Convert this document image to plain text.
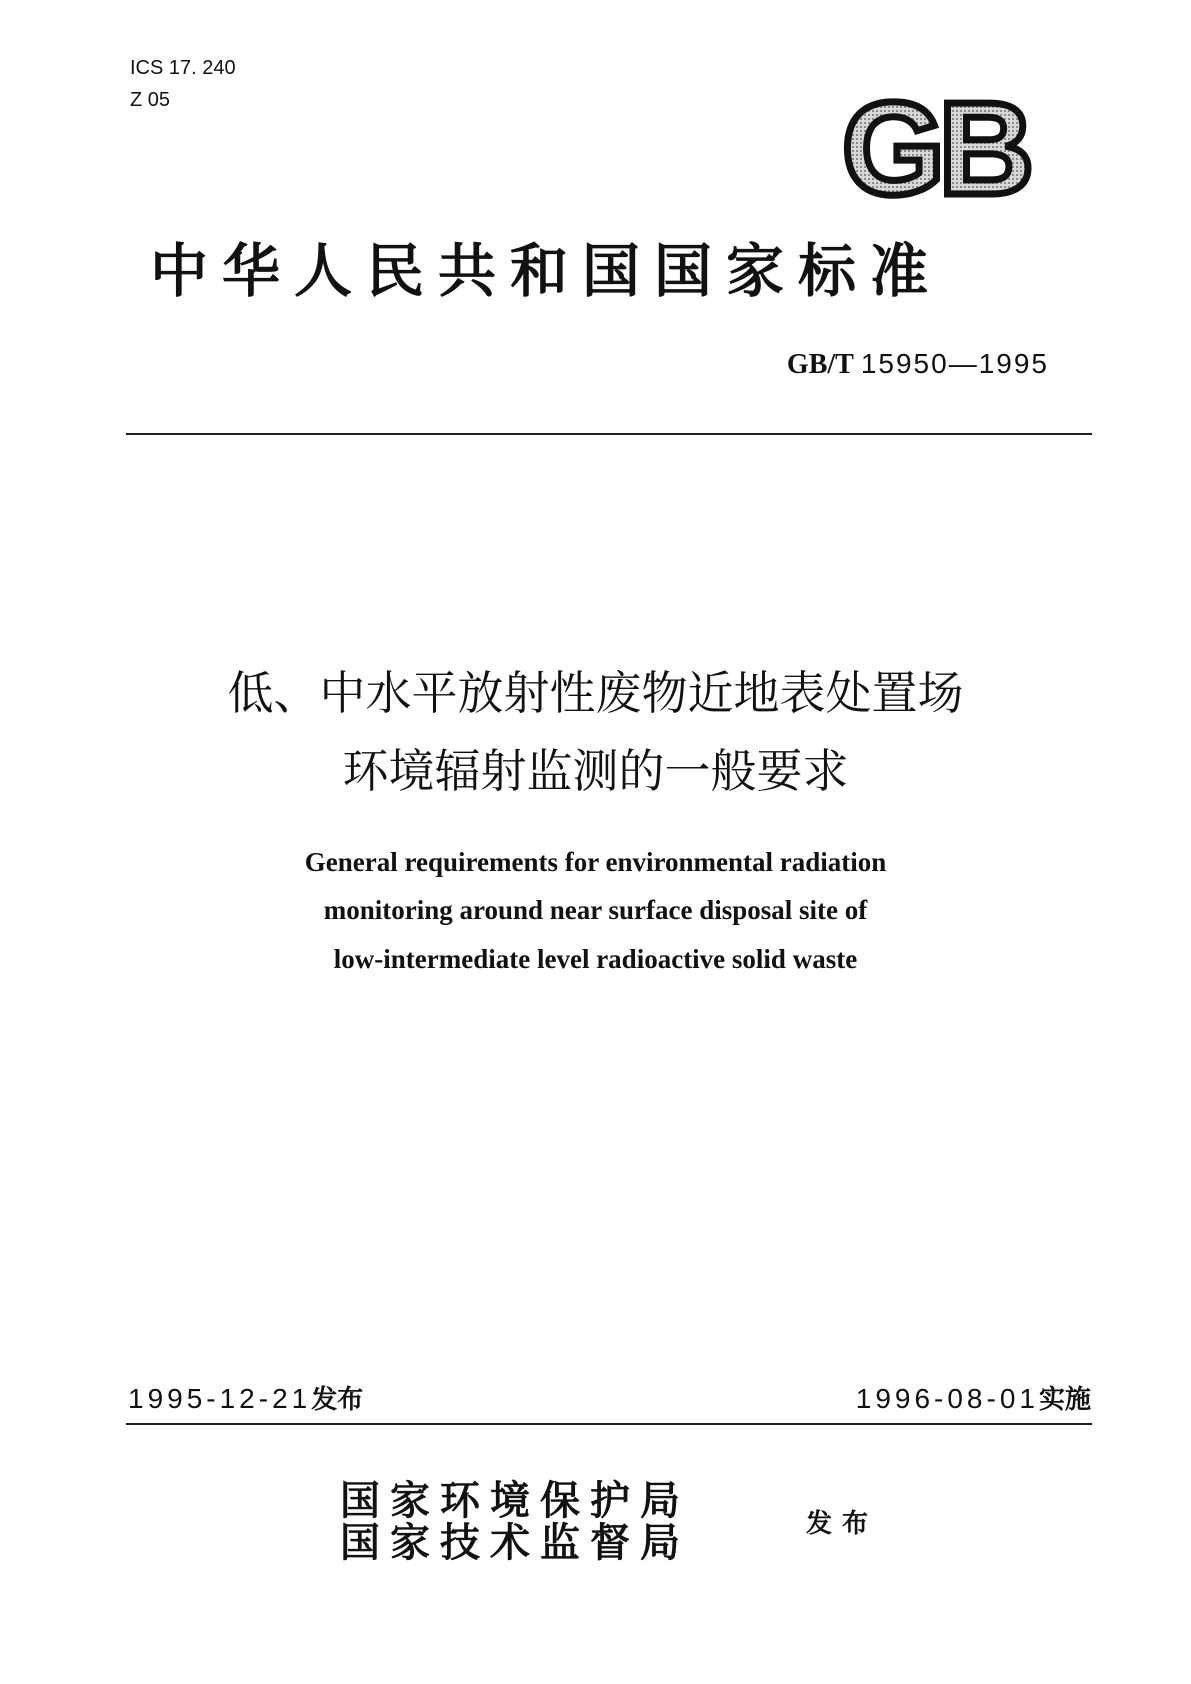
ICS 17. 240
Z 05	GB
中华人民共和国国家标准
GB/T 15950—1995
低、中水平放射性废物近地表处置场
环境辐射监测的一般要求
General requirements for environmental radiation
monitoring around near surface disposal site of
low-intermediate level radioactive solid waste
1995-12-21发布	1996-08-01实施
国家环境保护局
国家技术监督局	发布
